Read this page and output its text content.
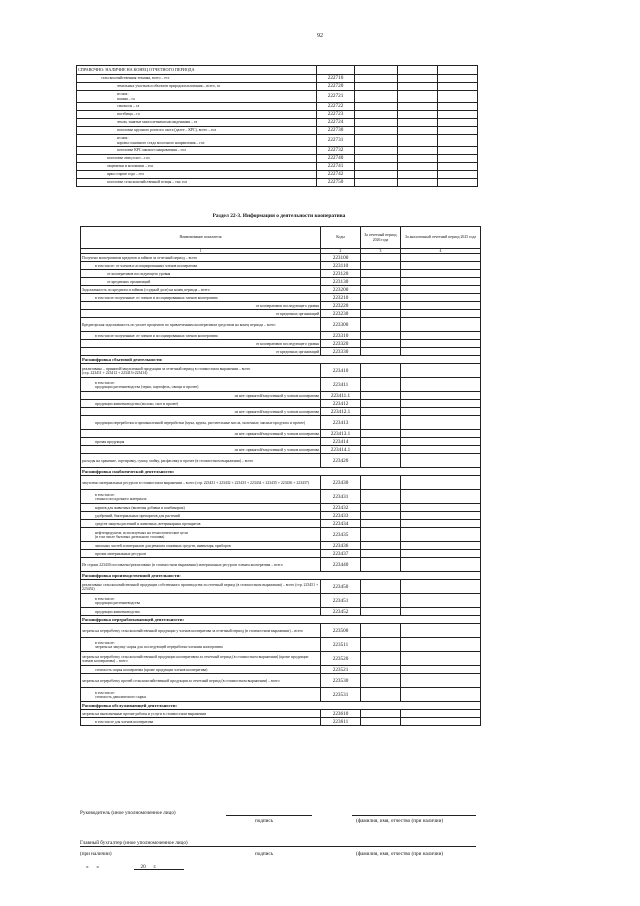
92
СПРАВОЧНО: НАЛИЧИЕ НА КОНЕЦ ОТЧЕТНОГО ПЕРИОДА				
сельскохозяйственная техника, всего – ест	222710			
земельных участков и объектов природопользования – всего, га	222720			
из них:
пашни – га	222721			
сенокосы – га	222722			
пастбища – га	222723			
земли, занятые многолетними насаждениями – га	222724			
поголовье крупного рогатого скота (далее – КРС), всего – гол	222730			
из них:
коровы основного стада молочного направления – гол	222731			
поголовье КРС мясного направления – гол	222732			
поголовье овец и коз – гол	222740			
овцематки и козоматки – гол	222741			
ярки старше года – гол	222742			
поголовье сельскохозяйственной птицы – тыс гол	222750			
Раздел 22-3. Информация о деятельности кооператива
Наименование показателя	Коды	За отчетный период 2026 года	За аналогичный отчетный период 2025 года
1	2	3	4
Получено кооперативом кредитов и займов за отчетный период – всего	223100		
в том числе: от членов и ассоциированных членов кооператива	223110		
от кооперативов последующего уровня	223120		
от кредитных организаций	223130		
Задолженность по кредитам и займам (ссудный долг) на конец периода – всего	223200		
в том числе полученные: от членов и ассоциированных членов кооператива	223210		
от кооперативов последующего уровня	223220		
от кредитных организаций	223230		
Кредиторская задолженность по уплате процентов по привлеченным кооперативом средствам на конец периода – всего	223300		
в том числе полученные: от членов и ассоциированных членов кооператива	223310		
от кооперативов последующего уровня	223320		
от кредитных организаций	223330		
Расшифровка сбытовой деятельности:			
реализовано – принятой/закупленной продукции за отчетный период в стоимостном выражении – всего
(стр. 223411 + 223412 + 223413+223414)	223410		
в том числе:
продукции растениеводства (зерно, картофель, овощи и прочее)	223411		
из нее: принятой/закупленной у членов кооператива	223411.1		
продукции животноводства (молоко, скот и прочее)	223412		
из нее: принятой/закупленной у членов кооператива	223412.1		
продукции переработки и промышленной переработки (мука, крупы, растительные масла, молочные, мясные продукты и прочее)	223413		
из нее: принятой/закупленной у членов кооператива	223413.1		
прочая продукция	223414		
из нее: принятой/закупленной у членов кооператива	223414.1		
расходы на хранение, сортировку, сушку, мойку, расфасовку и прочее (в стоимостном выражении) – всего	223420		
Расшифровка снабженческой деятельности:			
закуплено материальных ресурсов в стоимостном выражении – всего (стр. 223431 + 223432 + 223433 + 223434 + 223435 + 223436 + 223437)	223430		
в том числе:
семян и посадочного материала	223431		
кормов для животных (включая добавки и комбикорма)	223432		
удобрений, бактериальных препаратов для растений	223433		
средств защиты растений и животных, ветеринарных препаратов	223434		
нефтепродуктов, используемых на технологические цели
(в том числе бытовых дизельного топлива)	223435		
запасных частей и материалов для ремонта основных средств, инвентаря, приборов	223436		
прочих материальных ресурсов	223437		
Из строки 223430 поставлено/реализовано (в стоимостном выражении) материальных ресурсов членам кооператива – всего	223440		
Расшифровка производственной деятельности:			
реализовано сельскохозяйственной продукции собственного производства за отчетный период (в стоимостном выражении) – всего (стр. 223451 + 223452)	223450		
в том числе:
продукции растениеводства	223451		
продукции животноводства	223452		
Расшифровка перерабатывающей деятельности:			
затраты на переработку сельскохозяйственной продукции у членов кооператива за отчетный период (в стоимостном выражении) – всего	223500		
в том числе:
затраты на закупку сырья для последующей переработки членами кооператива	223511		
затраты на переработку сельскохозяйственной продукции кооперативом за отчетный период (в стоимостном выражении) (кроме продукции членов кооператива) – всего	223520		
стоимость сырья кооператива (кроме продукции членов кооператива)	223521		
затраты на переработку прочей сельскохозяйственной продукции за отчетный период (в стоимостном выражении) – всего	223530		
в том числе:
стоимость давальческого сырья	223531		
Расшифровка обслуживающей деятельности:			
затраты на выполненные прочие работы и услуги в стоимостном выражении	223610		
в том числе для членов кооператива	223611		
Руководитель (иное уполномоченное лицо)
подпись	(фамилия, имя, отчество (при наличии)
Главный бухгалтер (иное уполномоченное лицо)
(при наличии)	подпись	(фамилия, имя, отчество (при наличии)
«      »                                20      г.
